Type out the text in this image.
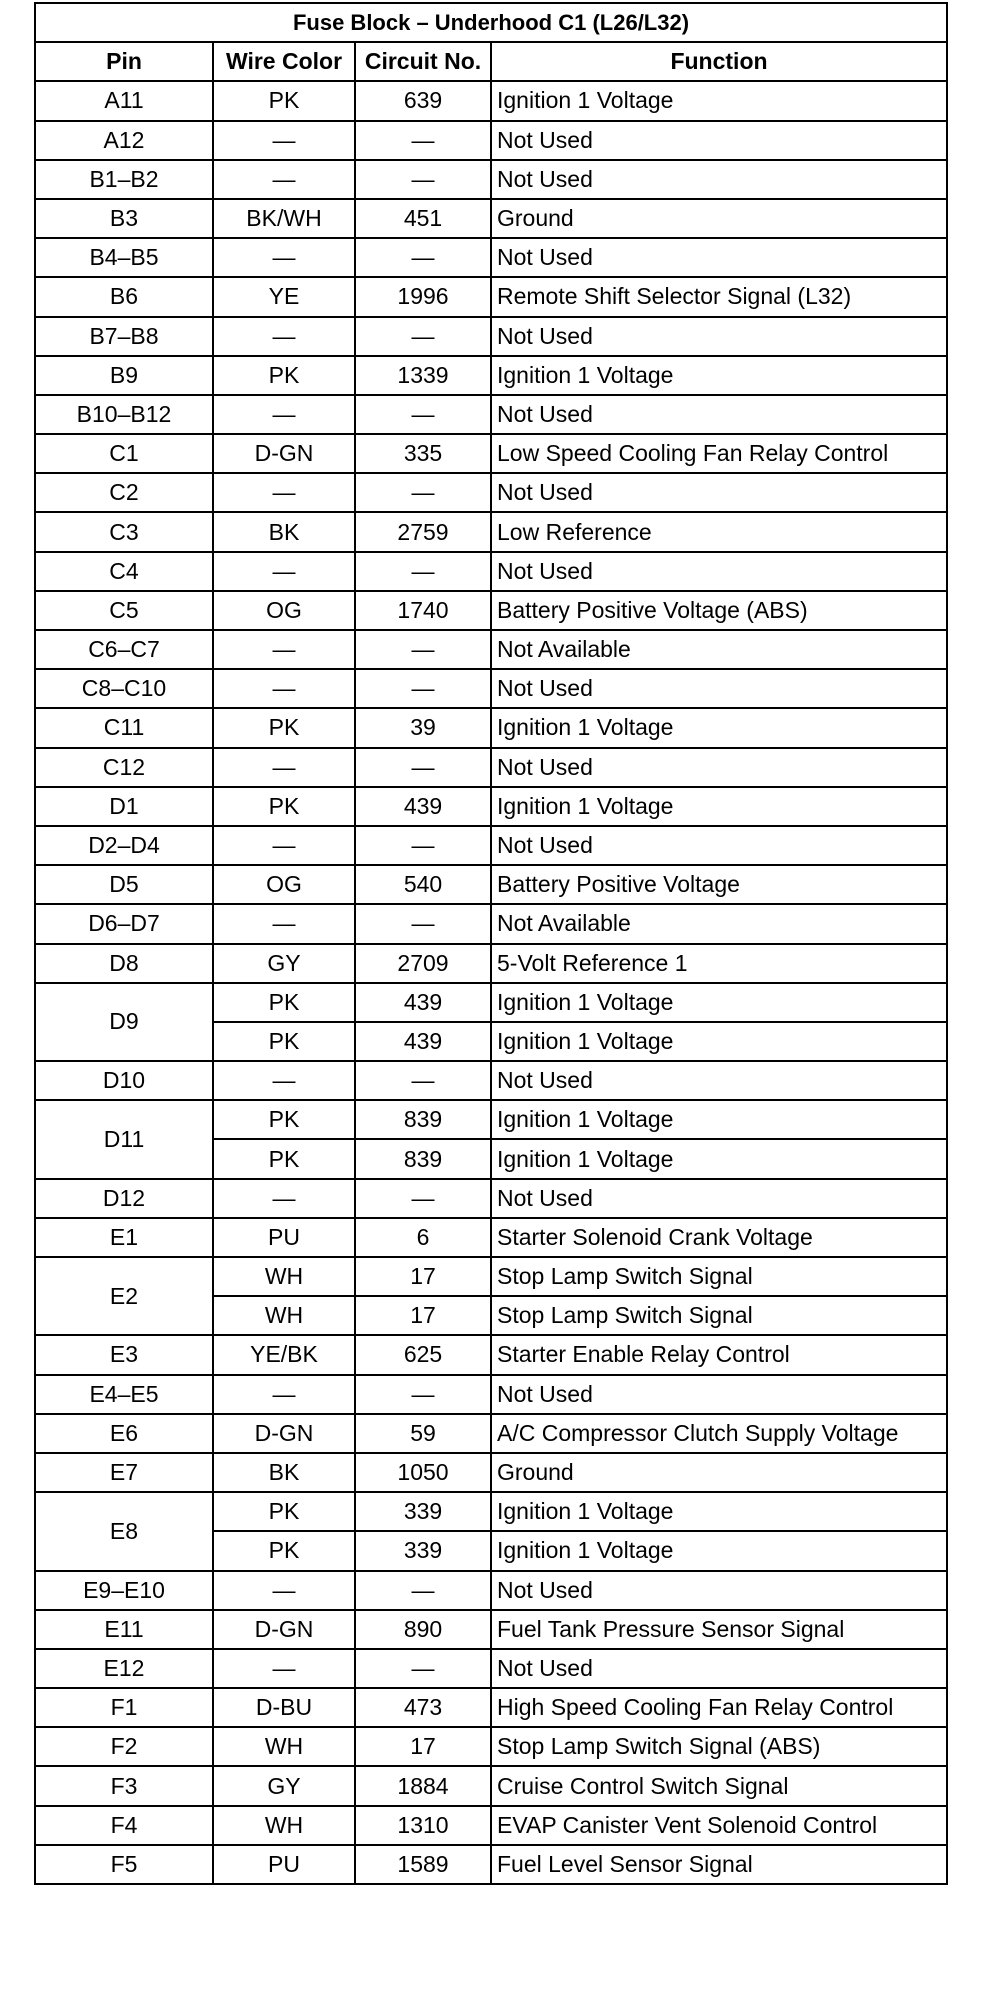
Fuse Block – Underhood C1 (L26/L32)			
Pin	Wire Color	Circuit No.	Function
A11	PK	639	Ignition 1 Voltage
A12	—	—	Not Used
B1–B2	—	—	Not Used
B3	BK/WH	451	Ground
B4–B5	—	—	Not Used
B6	YE	1996	Remote Shift Selector Signal (L32)
B7–B8	—	—	Not Used
B9	PK	1339	Ignition 1 Voltage
B10–B12	—	—	Not Used
C1	D-GN	335	Low Speed Cooling Fan Relay Control
C2	—	—	Not Used
C3	BK	2759	Low Reference
C4	—	—	Not Used
C5	OG	1740	Battery Positive Voltage (ABS)
C6–C7	—	—	Not Available
C8–C10	—	—	Not Used
C11	PK	39	Ignition 1 Voltage
C12	—	—	Not Used
D1	PK	439	Ignition 1 Voltage
D2–D4	—	—	Not Used
D5	OG	540	Battery Positive Voltage
D6–D7	—	—	Not Available
D8	GY	2709	5-Volt Reference 1
D9	PK	439	Ignition 1 Voltage
	PK	439	Ignition 1 Voltage
D10	—	—	Not Used
D11	PK	839	Ignition 1 Voltage
	PK	839	Ignition 1 Voltage
D12	—	—	Not Used
E1	PU	6	Starter Solenoid Crank Voltage
E2	WH	17	Stop Lamp Switch Signal
	WH	17	Stop Lamp Switch Signal
E3	YE/BK	625	Starter Enable Relay Control
E4–E5	—	—	Not Used
E6	D-GN	59	A/C Compressor Clutch Supply Voltage
E7	BK	1050	Ground
E8	PK	339	Ignition 1 Voltage
	PK	339	Ignition 1 Voltage
E9–E10	—	—	Not Used
E11	D-GN	890	Fuel Tank Pressure Sensor Signal
E12	—	—	Not Used
F1	D-BU	473	High Speed Cooling Fan Relay Control
F2	WH	17	Stop Lamp Switch Signal (ABS)
F3	GY	1884	Cruise Control Switch Signal
F4	WH	1310	EVAP Canister Vent Solenoid Control
F5	PU	1589	Fuel Level Sensor Signal
